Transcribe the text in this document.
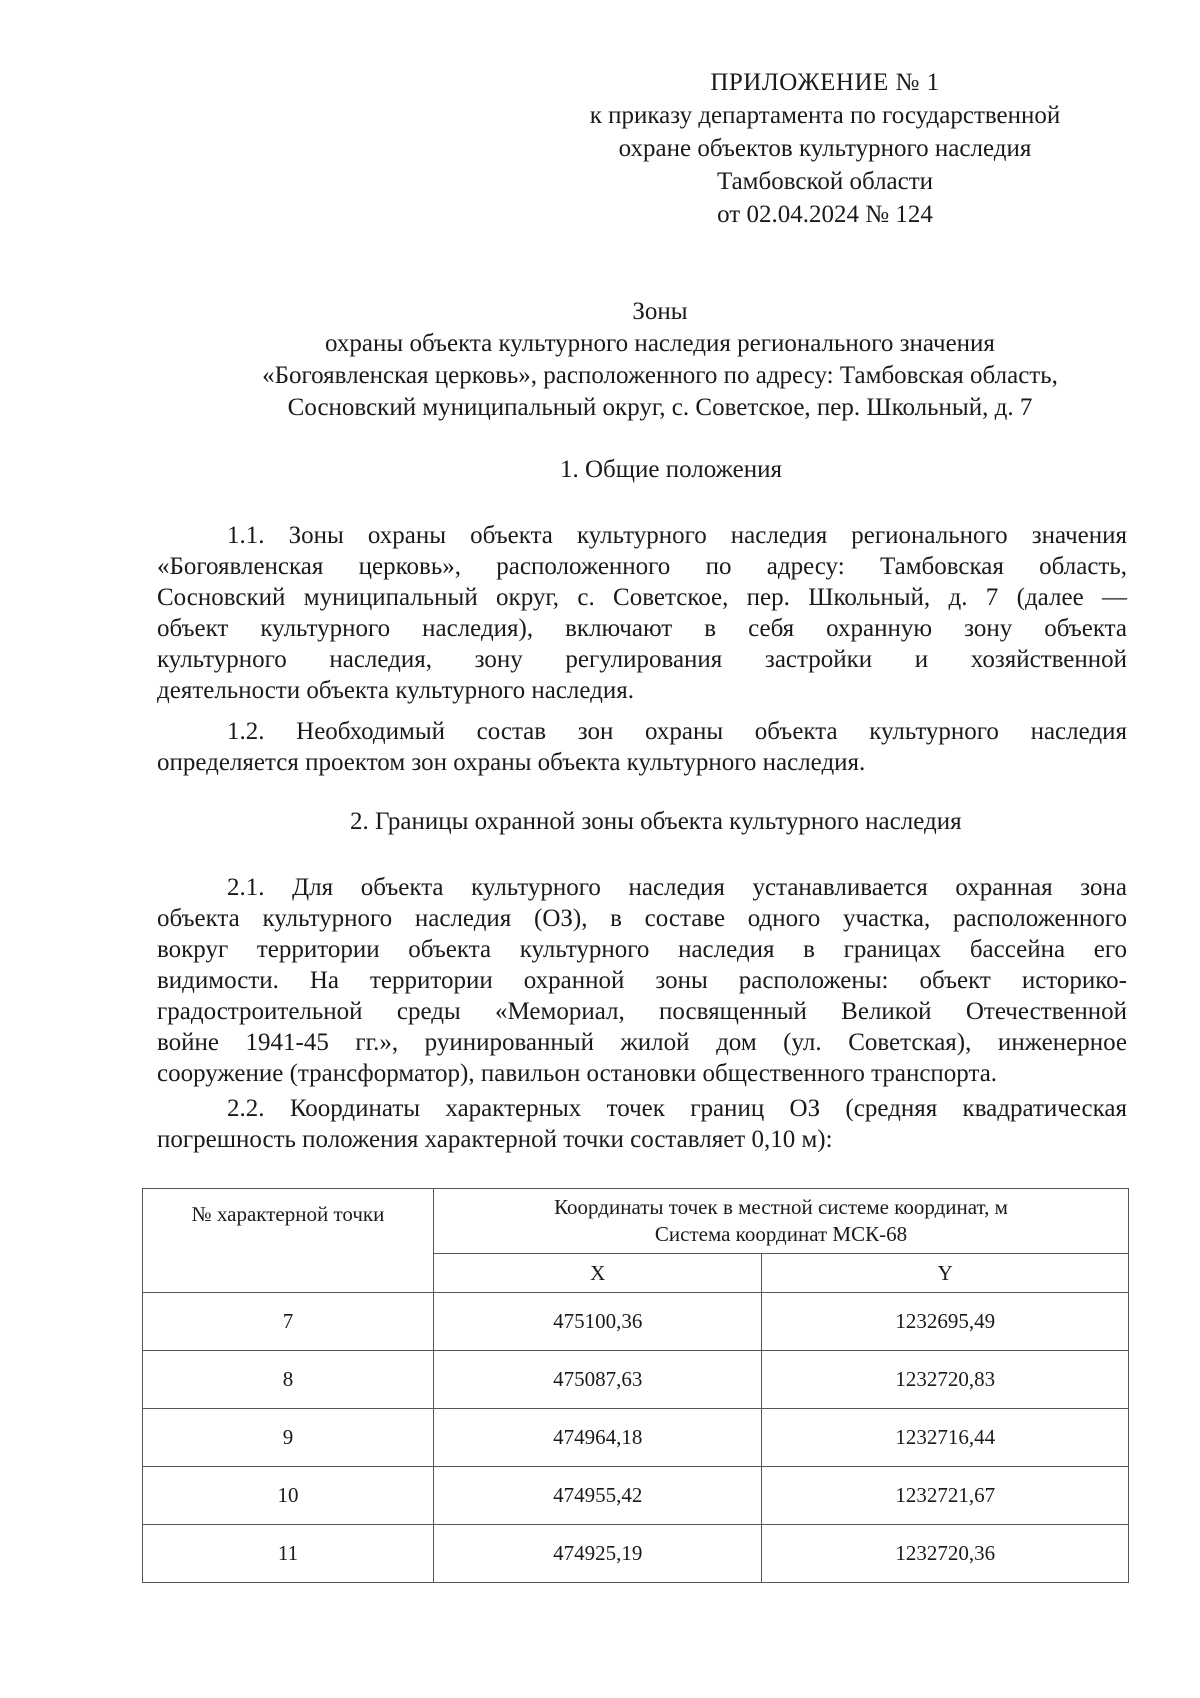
ПРИЛОЖЕНИЕ № 1
к приказу департамента по государственной
охране объектов культурного наследия
Тамбовской области
от 02.04.2024 № 124
Зоны
охраны объекта культурного наследия регионального значения
«Богоявленская церковь», расположенного по адресу: Тамбовская область,
Сосновский муниципальный округ, с. Советское, пер. Школьный, д. 7
1. Общие положения
1.1. Зоны охраны объекта культурного наследия регионального значения
«Богоявленская церковь», расположенного по адресу: Тамбовская область,
Сосновский муниципальный округ, с. Советское, пер. Школьный, д. 7 (далее —
объект культурного наследия), включают в себя охранную зону объекта
культурного наследия, зону регулирования застройки и хозяйственной
деятельности объекта культурного наследия.
1.2. Необходимый состав зон охраны объекта культурного наследия
определяется проектом зон охраны объекта культурного наследия.
2. Границы охранной зоны объекта культурного наследия
2.1. Для объекта культурного наследия устанавливается охранная зона
объекта культурного наследия (ОЗ), в составе одного участка, расположенного
вокруг территории объекта культурного наследия в границах бассейна его
видимости. На территории охранной зоны расположены: объект историко-
градостроительной среды «Мемориал, посвященный Великой Отечественной
войне 1941-45 гг.», руинированный жилой дом (ул. Советская), инженерное
сооружение (трансформатор), павильон остановки общественного транспорта.
2.2. Координаты характерных точек границ ОЗ (средняя квадратическая
погрешность положения характерной точки составляет 0,10 м):
№ характерной точки	Координаты точек в местной системе координат, м
Система координат МСК-68	

	X	Y
7	475100,36	1232695,49
8	475087,63	1232720,83
9	474964,18	1232716,44
10	474955,42	1232721,67
11	474925,19	1232720,36
